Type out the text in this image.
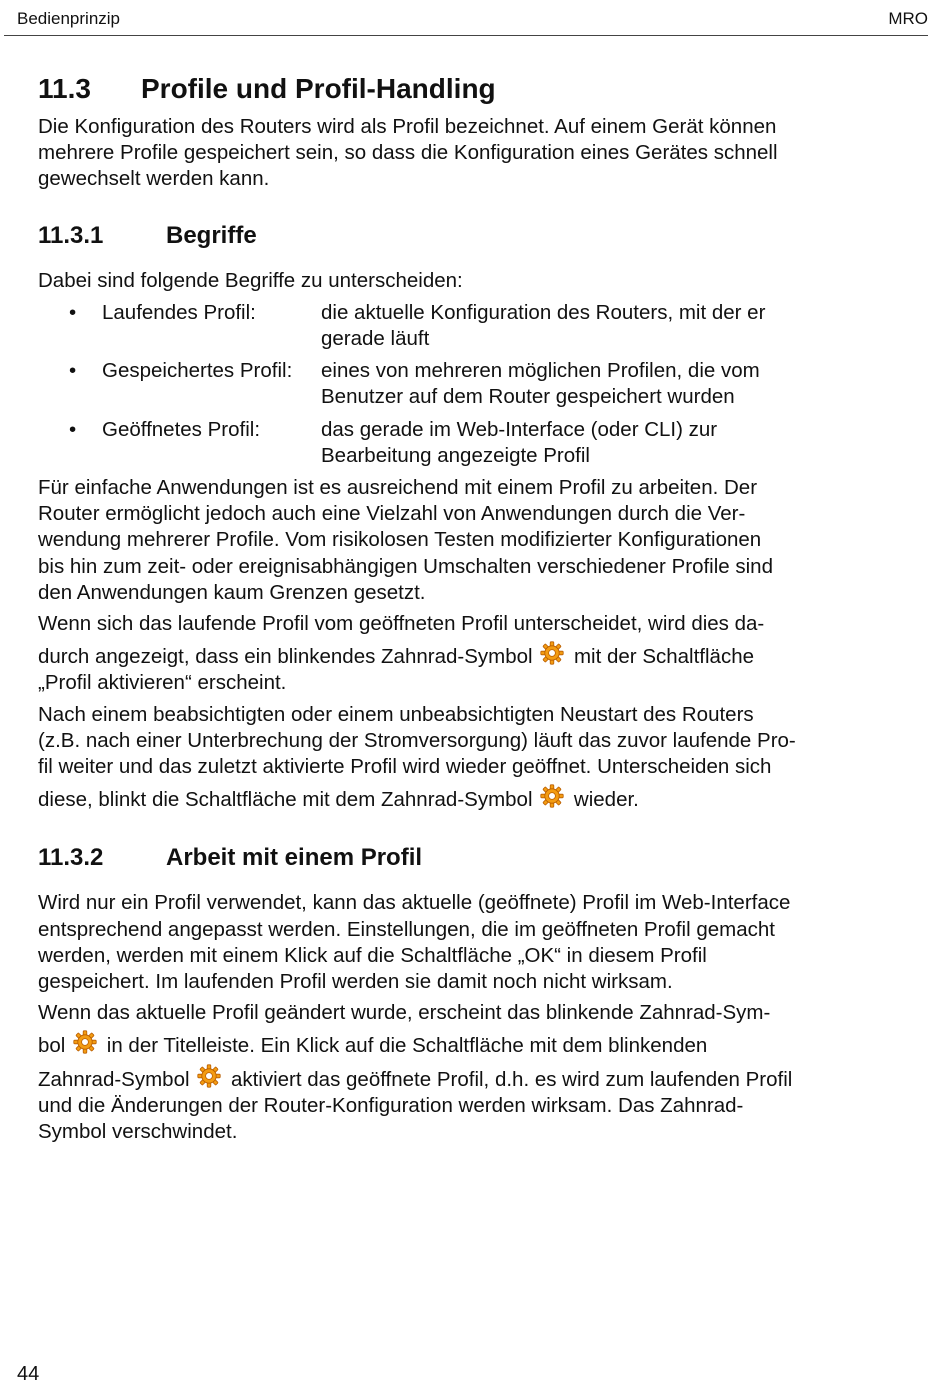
Bedienprinzip	MRO
11.3 Profile und Profil-Handling

Die Konfiguration des Routers wird als Profil bezeichnet. Auf einem Gerät können
mehrere Profile gespeichert sein, so dass die Konfiguration eines Gerätes schnell
gewechselt werden kann.

11.3.1	Begriffe

Dabei sind folgende Begriffe zu unterscheiden:

• Laufendes Profil:	die aktuelle Konfiguration des Routers, mit der er
gerade läuft
• Gespeichertes Profil: eines von mehreren möglichen Profilen, die vom
Benutzer auf dem Router gespeichert wurden
• Geöffnetes Profil:	das gerade im Web-Interface (oder CLI) zur
Bearbeitung angezeigte Profil

Für einfache Anwendungen ist es ausreichend mit einem Profil zu arbeiten. Der
Router ermöglicht jedoch auch eine Vielzahl von Anwendungen durch die Ver-
wendung mehrerer Profile. Vom risikolosen Testen modifizierter Konfigurationen
bis hin zum zeit- oder ereignisabhängigen Umschalten verschiedener Profile sind
den Anwendungen kaum Grenzen gesetzt.

Wenn sich das laufende Profil vom geöffneten Profil unterscheidet, wird dies da-
durch angezeigt, dass ein blinkendes Zahnrad-Symbol mit der Schaltfläche
„Profil aktivieren“ erscheint.

Nach einem beabsichtigten oder einem unbeabsichtigten Neustart des Routers
(z.B. nach einer Unterbrechung der Stromversorgung) läuft das zuvor laufende Pro-
fil weiter und das zuletzt aktivierte Profil wird wieder geöffnet. Unterscheiden sich
diese, blinkt die Schaltfläche mit dem Zahnrad-Symbol wieder.

11.3.2	Arbeit mit einem Profil

Wird nur ein Profil verwendet, kann das aktuelle (geöffnete) Profil im Web-Interface
entsprechend angepasst werden. Einstellungen, die im geöffneten Profil gemacht
werden, werden mit einem Klick auf die Schaltfläche „OK“ in diesem Profil
gespeichert. Im laufenden Profil werden sie damit noch nicht wirksam.

Wenn das aktuelle Profil geändert wurde, erscheint das blinkende Zahnrad-Sym-
bol in der Titelleiste. Ein Klick auf die Schaltfläche mit dem blinkenden
Zahnrad-Symbol aktiviert das geöffnete Profil, d.h. es wird zum laufenden Profil
und die Änderungen der Router-Konfiguration werden wirksam. Das Zahnrad-
Symbol verschwindet.

44
